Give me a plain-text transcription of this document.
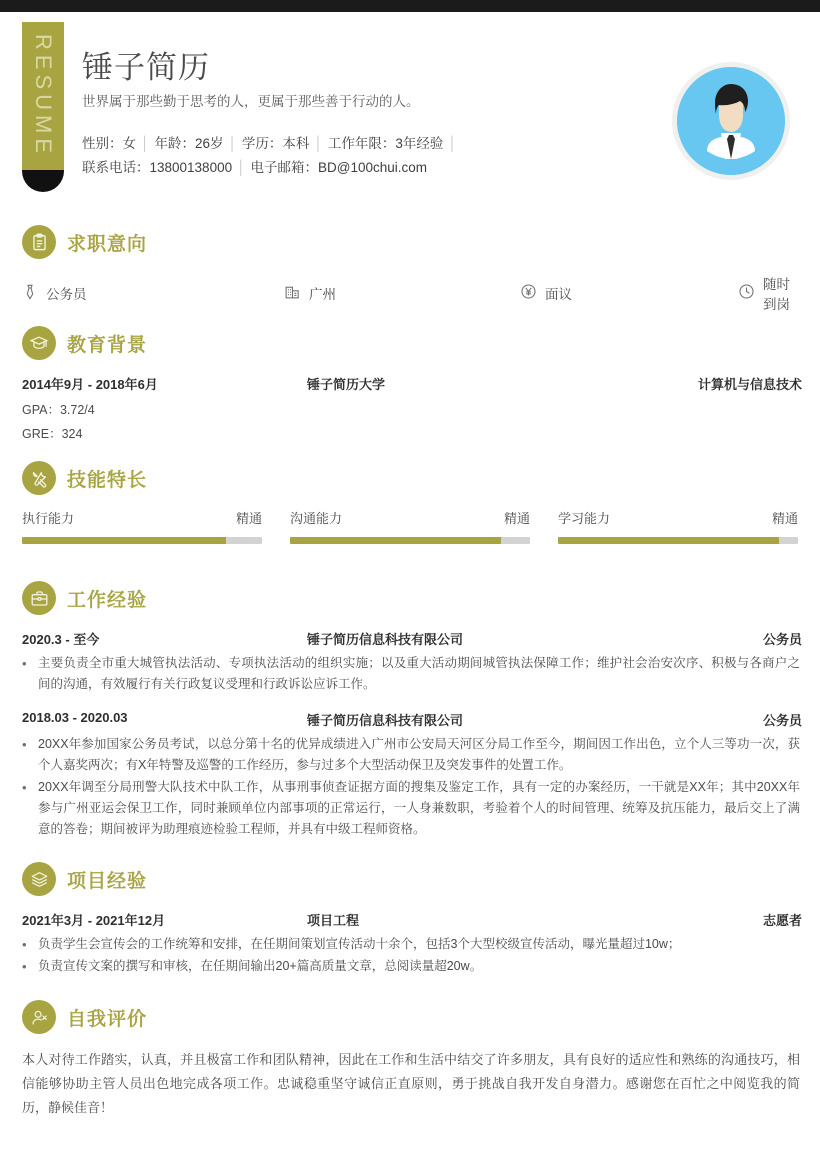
RESUME 锤子简历
世界属于那些勤于思考的人，更属于那些善于行动的人。
性别：女 │ 年龄：26岁 │ 学历：本科 │ 工作年限：3年经验 │
联系电话：13800138000 │ 电子邮箱：BD@100chui.com
求职意向
公务员	广州	面议
随时到岗
教育背景
2014年9月 - 2018年6月	锤子简历大学	计算机与信息技术
GPA：3.72/4
GRE：324
技能特长
执行能力	精通 沟通能力	精通 学习能力	精通
工作经验
2020.3 - 至今	锤子简历信息科技有限公司	公务员
• 主要负责全市重大城管执法活动、专项执法活动的组织实施；以及重大活动期间城管执法保障工作；维护社会治安次序、积极与各商户之间的沟通，有效履行有关行政复议受理和行政诉讼应诉工作。
2018.03 - 2020.03	锤子简历信息科技有限公司	公务员
• 20XX年参加国家公务员考试，以总分第十名的优异成绩进入广州市公安局天河区分局工作至今，期间因工作出色，立个人三等功一次，获个人嘉奖两次；有X年特警及巡警的工作经历，参与过多个大型活动保卫及突发事件的处置工作。
• 20XX年调至分局刑警大队技术中队工作，从事刑事侦查证据方面的搜集及鉴定工作，具有一定的办案经历，一干就是XX年；其中20XX年参与广州亚运会保卫工作，同时兼顾单位内部事项的正常运行，一人身兼数职，考验着个人的时间管理、统筹及抗压能力，最后交上了满意的答卷；期间被评为助理痕迹检验工程师，并具有中级工程师资格。
项目经验
2021年3月 - 2021年12月	项目工程	志愿者
• 负责学生会宣传会的工作统筹和安排，在任期间策划宣传活动十余个，包括3个大型校级宣传活动，曝光量超过10w；
• 负责宣传文案的撰写和审核，在任期间输出20+篇高质量文章，总阅读量超20w。
自我评价
本人对待工作踏实，认真，并且极富工作和团队精神，因此在工作和生活中结交了许多朋友，具有良好的适应性和熟练的沟通技巧，相信能够协助主管人员出色地完成各项工作。忠诚稳重坚守诚信正直原则，勇于挑战自我开发自身潜力。感谢您在百忙之中阅览我的简历，静候佳音！
